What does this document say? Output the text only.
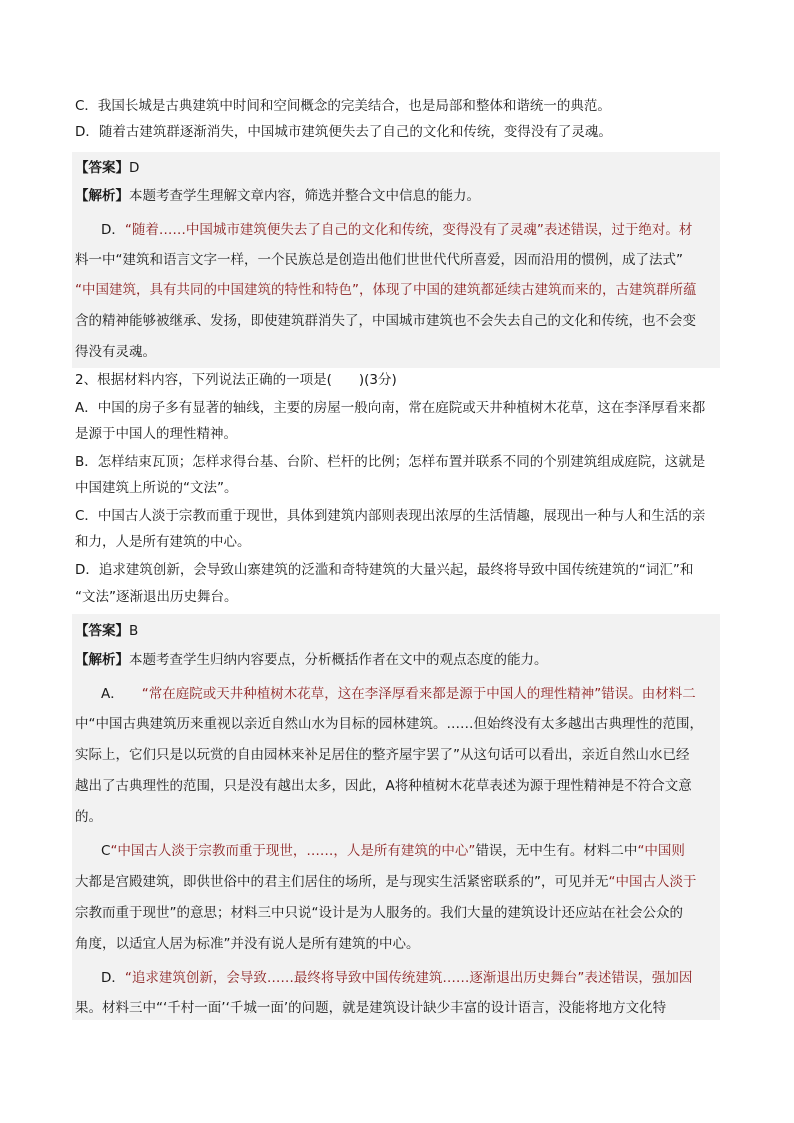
C．我国长城是古典建筑中时间和空间概念的完美结合，也是局部和整体和谐统一的典范。
D．随着古建筑群逐渐消失，中国城市建筑便失去了自己的文化和传统，变得没有了灵魂。
【答案】D
【解析】本题考查学生理解文章内容，筛选并整合文中信息的能力。
D．“随着……中国城市建筑便失去了自己的文化和传统，变得没有了灵魂”表述错误，过于绝对。材
料一中“建筑和语言文字一样，一个民族总是创造出他们世世代代所喜爱，因而沿用的惯例，成了法式”
“中国建筑，具有共同的中国建筑的特性和特色”，体现了中国的建筑都延续古建筑而来的，古建筑群所蕴
含的精神能够被继承、发扬，即使建筑群消失了，中国城市建筑也不会失去自己的文化和传统，也不会变
得没有灵魂。
2、根据材料内容，下列说法正确的一项是(　　)(3分)
A．中国的房子多有显著的轴线，主要的房屋一般向南，常在庭院或天井种植树木花草，这在李泽厚看来都
是源于中国人的理性精神。
B．怎样结束瓦顶；怎样求得台基、台阶、栏杆的比例；怎样布置并联系不同的个别建筑组成庭院，这就是
中国建筑上所说的“文法”。
C．中国古人淡于宗教而重于现世，具体到建筑内部则表现出浓厚的生活情趣，展现出一种与人和生活的亲
和力，人是所有建筑的中心。
D．追求建筑创新，会导致山寨建筑的泛滥和奇特建筑的大量兴起，最终将导致中国传统建筑的“词汇”和
“文法”逐渐退出历史舞台。
【答案】B
【解析】本题考查学生归纳内容要点，分析概括作者在文中的观点态度的能力。
A． “常在庭院或天井种植树木花草，这在李泽厚看来都是源于中国人的理性精神”错误。由材料二
中“中国古典建筑历来重视以亲近自然山水为目标的园林建筑。……但始终没有太多越出古典理性的范围，
实际上，它们只是以玩赏的自由园林来补足居住的整齐屋宇罢了”从这句话可以看出，亲近自然山水已经
越出了古典理性的范围，只是没有越出太多，因此，A将种植树木花草表述为源于理性精神是不符合文意
的。
C“中国古人淡于宗教而重于现世，……，人是所有建筑的中心”错误，无中生有。材料二中“中国则
大都是宫殿建筑，即供世俗中的君主们居住的场所，是与现实生活紧密联系的”，可见并无“中国古人淡于
宗教而重于现世”的意思；材料三中只说“设计是为人服务的。我们大量的建筑设计还应站在社会公众的
角度，以适宜人居为标准”并没有说人是所有建筑的中心。
D．“追求建筑创新，会导致……最终将导致中国传统建筑……逐渐退出历史舞台”表述错误，强加因
果。材料三中“‘千村一面’‘千城一面’的问题，就是建筑设计缺少丰富的设计语言，没能将地方文化特
